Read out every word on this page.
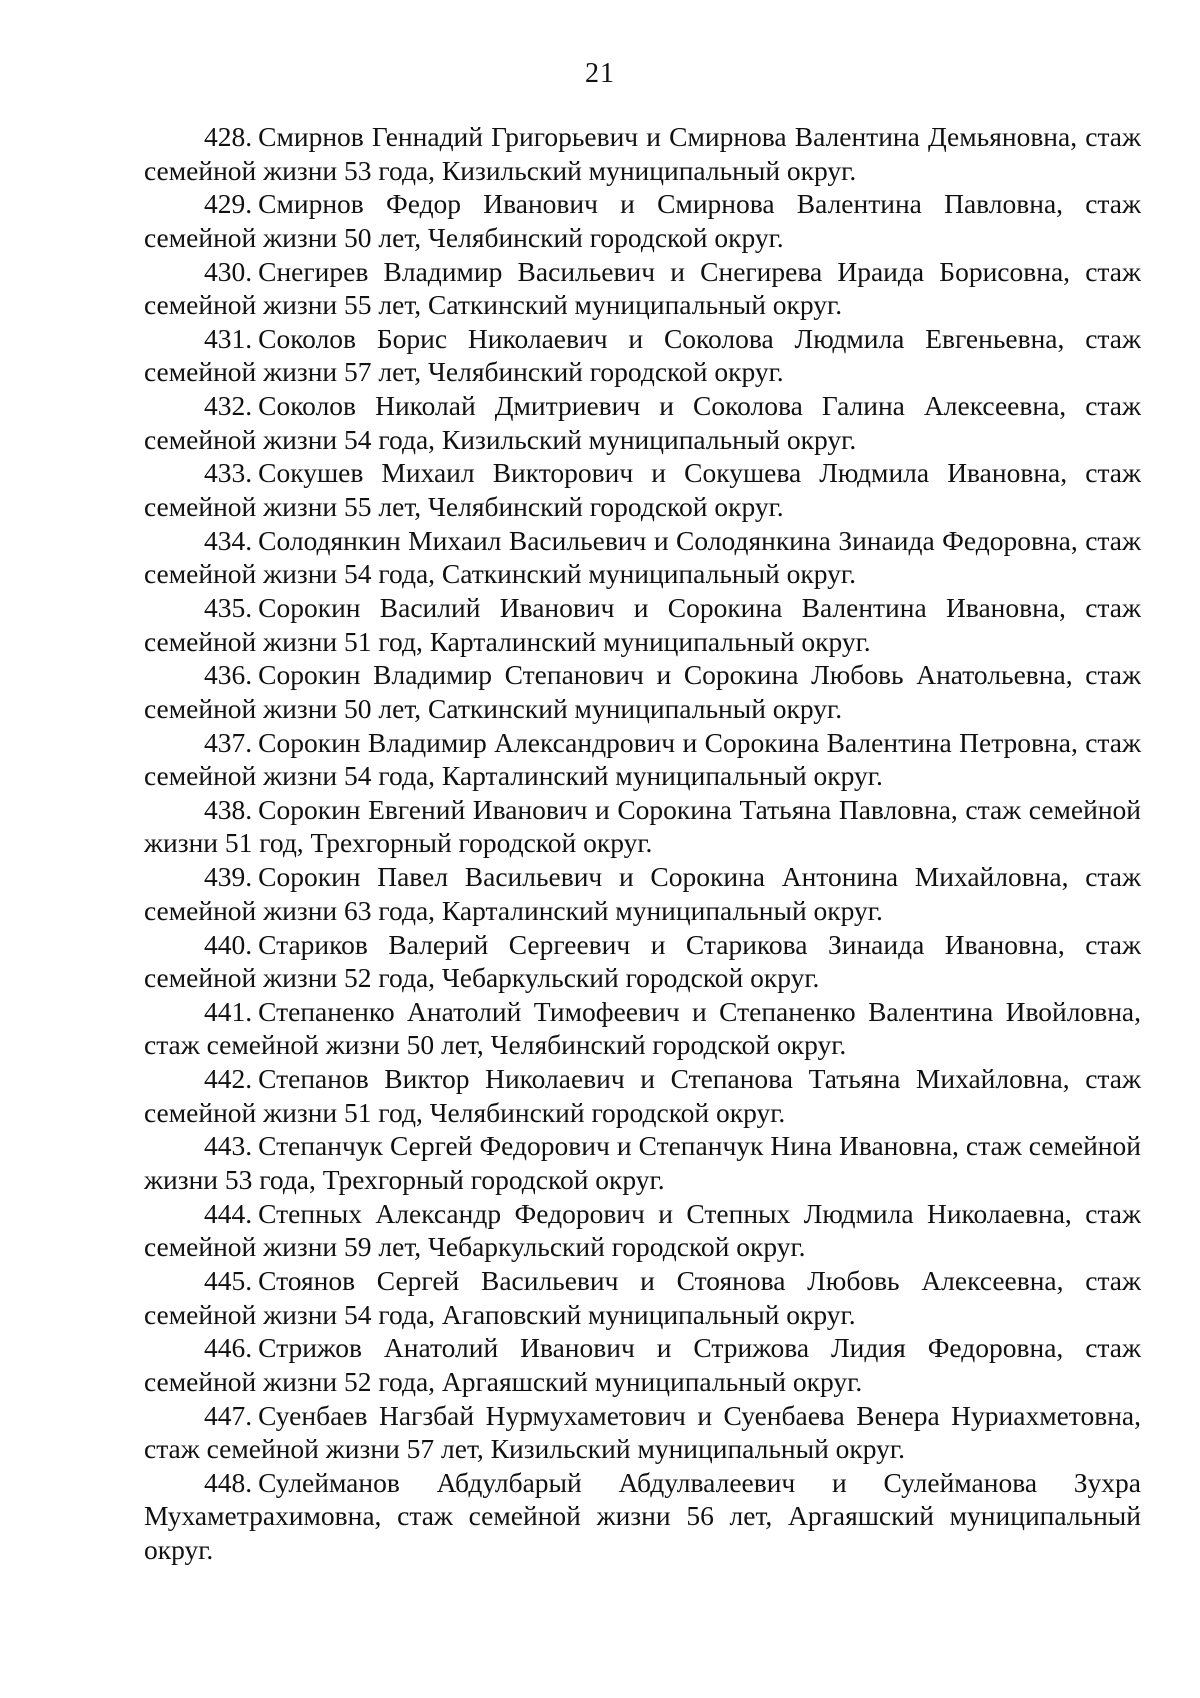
21

428. Смирнов Геннадий Григорьевич и Смирнова Валентина Демьяновна, стаж семейной жизни 53 года, Кизильский муниципальный округ.

429. Смирнов Федор Иванович и Смирнова Валентина Павловна, стаж семейной жизни 50 лет, Челябинский городской округ.

430. Снегирев Владимир Васильевич и Снегирева Ираида Борисовна, стаж семейной жизни 55 лет, Саткинский муниципальный округ.

431. Соколов Борис Николаевич и Соколова Людмила Евгеньевна, стаж семейной жизни 57 лет, Челябинский городской округ.

432. Соколов Николай Дмитриевич и Соколова Галина Алексеевна, стаж семейной жизни 54 года, Кизильский муниципальный округ.

433. Сокушев Михаил Викторович и Сокушева Людмила Ивановна, стаж семейной жизни 55 лет, Челябинский городской округ.

434. Солодянкин Михаил Васильевич и Солодянкина Зинаида Федоровна, стаж семейной жизни 54 года, Саткинский муниципальный округ.

435. Сорокин Василий Иванович и Сорокина Валентина Ивановна, стаж семейной жизни 51 год, Карталинский муниципальный округ.

436. Сорокин Владимир Степанович и Сорокина Любовь Анатольевна, стаж семейной жизни 50 лет, Саткинский муниципальный округ.

437. Сорокин Владимир Александрович и Сорокина Валентина Петровна, стаж семейной жизни 54 года, Карталинский муниципальный округ.

438. Сорокин Евгений Иванович и Сорокина Татьяна Павловна, стаж семейной жизни 51 год, Трехгорный городской округ.

439. Сорокин Павел Васильевич и Сорокина Антонина Михайловна, стаж семейной жизни 63 года, Карталинский муниципальный округ.

440. Стариков Валерий Сергеевич и Старикова Зинаида Ивановна, стаж семейной жизни 52 года, Чебаркульский городской округ.

441. Степаненко Анатолий Тимофеевич и Степаненко Валентина Ивойловна, стаж семейной жизни 50 лет, Челябинский городской округ.

442. Степанов Виктор Николаевич и Степанова Татьяна Михайловна, стаж семейной жизни 51 год, Челябинский городской округ.

443. Степанчук Сергей Федорович и Степанчук Нина Ивановна, стаж семейной жизни 53 года, Трехгорный городской округ.

444. Степных Александр Федорович и Степных Людмила Николаевна, стаж семейной жизни 59 лет, Чебаркульский городской округ.

445. Стоянов Сергей Васильевич и Стоянова Любовь Алексеевна, стаж семейной жизни 54 года, Агаповский муниципальный округ.

446. Стрижов Анатолий Иванович и Стрижова Лидия Федоровна, стаж семейной жизни 52 года, Аргаяшский муниципальный округ.

447. Суенбаев Нагзбай Нурмухаметович и Суенбаева Венера Нуриахметовна, стаж семейной жизни 57 лет, Кизильский муниципальный округ.

448. Сулейманов Абдулбарый Абдулвалеевич и Сулейманова Зухра Мухаметрахимовна, стаж семейной жизни 56 лет, Аргаяшский муниципальный округ.
